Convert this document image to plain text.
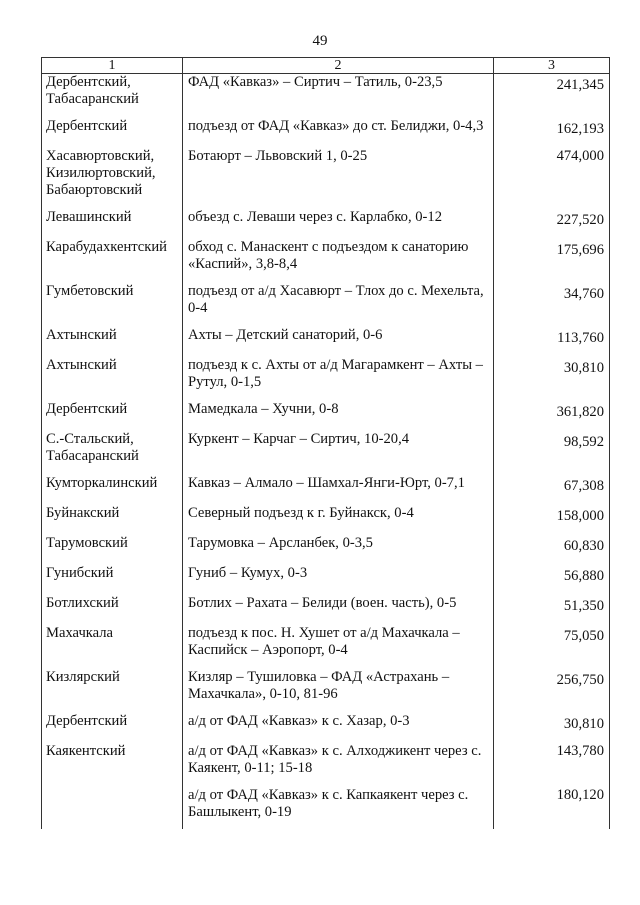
49
1	2	3
Дербентский, Табасаранский	ФАД «Кавказ» – Сиртич – Татиль, 0-23,5	241,345
Дербентский	подъезд от ФАД «Кавказ» до ст. Белиджи, 0-4,3	162,193
Хасавюртовский, Кизилюртовский, Бабаюртовский	Ботаюрт – Львовский 1, 0-25	474,000
Левашинский	объезд с. Леваши через с. Карлабко, 0-12	227,520
Карабудахкентский	обход с. Манаскент с подъездом к санаторию «Каспий», 3,8-8,4	175,696
Гумбетовский	подъезд от а/д Хасавюрт – Тлох до с. Мехельта, 0-4	34,760
Ахтынский	Ахты – Детский санаторий, 0-6	113,760
Ахтынский	подъезд к с. Ахты от а/д Магарамкент – Ахты – Рутул, 0-1,5	30,810
Дербентский	Мамедкала – Хучни, 0-8	361,820
С.-Стальский, Табасаранский	Куркент – Карчаг – Сиртич, 10-20,4	98,592
Кумторкалинский	Кавказ – Алмало – Шамхал-Янги-Юрт, 0-7,1	67,308
Буйнакский	Северный подъезд к г. Буйнакск, 0-4	158,000
Тарумовский	Тарумовка – Арсланбек, 0-3,5	60,830
Гунибский	Гуниб – Кумух, 0-3	56,880
Ботлихский	Ботлих – Рахата – Белиди (воен. часть), 0-5	51,350
Махачкала	подъезд к пос. Н. Хушет от а/д Махачкала – Каспийск – Аэропорт, 0-4	75,050
Кизлярский	Кизляр – Тушиловка – ФАД «Астрахань – Махачкала», 0-10, 81-96	256,750
Дербентский	а/д от ФАД «Кавказ» к с. Хазар, 0-3	30,810
Каякентский	а/д от ФАД «Кавказ» к с. Алходжикент через с. Каякент, 0-11; 15-18	143,780
	а/д от ФАД «Кавказ» к с. Капкаякент через с. Башлыкент, 0-19	180,120
